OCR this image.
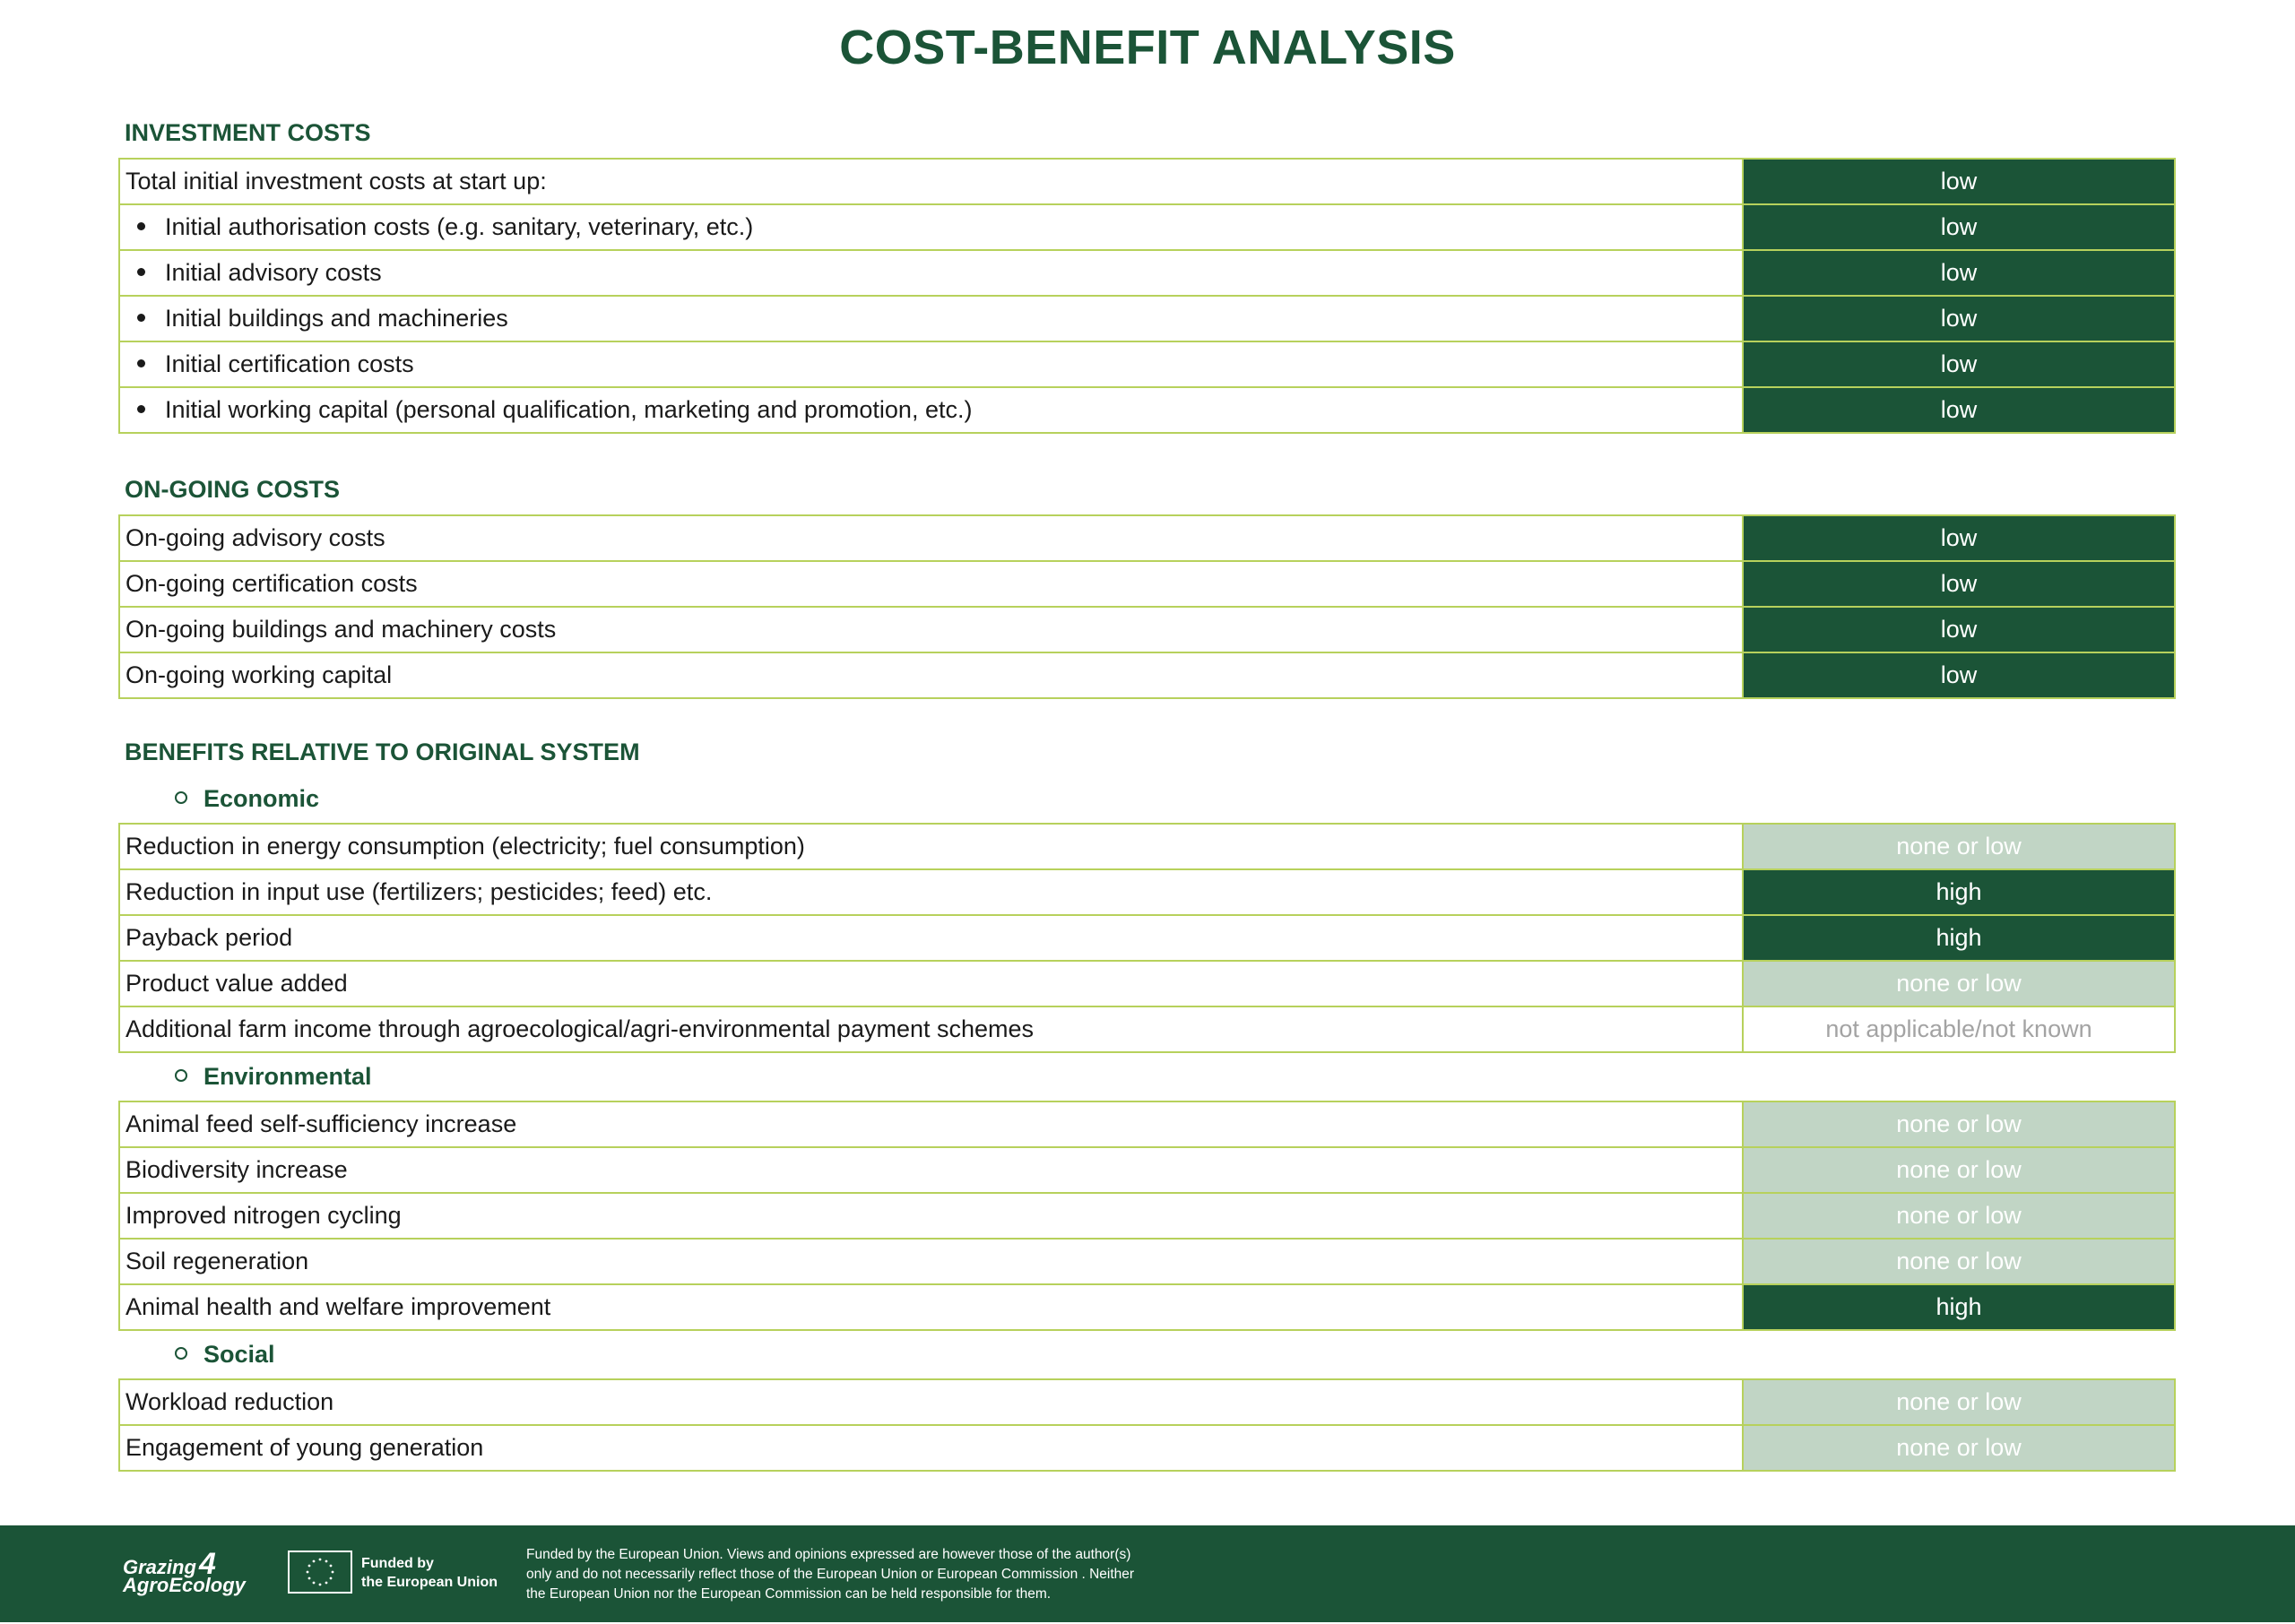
COST-BENEFIT ANALYSIS
INVESTMENT COSTS
Total initial investment costs at start up:	low
Initial authorisation costs (e.g. sanitary, veterinary, etc.)	low
Initial advisory costs	low
Initial buildings and machineries	low
Initial certification costs	low
Initial working capital (personal qualification, marketing and promotion, etc.)	low
ON-GOING COSTS
On-going advisory costs	low
On-going certification costs	low
On-going buildings and machinery costs	low
On-going working capital	low
BENEFITS RELATIVE TO ORIGINAL SYSTEM
Economic
Reduction in energy consumption (electricity; fuel consumption)	none or low
Reduction in input use (fertilizers; pesticides; feed) etc.	high
Payback period	high
Product value added	none or low
Additional farm income through agroecological/agri-environmental payment schemes	not applicable/not known
Environmental
Animal feed self-sufficiency increase	none or low
Biodiversity increase	none or low
Improved nitrogen cycling	none or low
Soil regeneration	none or low
Animal health and welfare improvement	high
Social
Workload reduction	none or low
Engagement of young generation	none or low
Grazing
AgroEcology
4	Funded by
the European Union
Funded by the European Union. Views and opinions expressed are however those of the author(s)
only and do not necessarily reflect those of the European Union or European Commission . Neither
the European Union nor the European Commission can be held responsible for them.
